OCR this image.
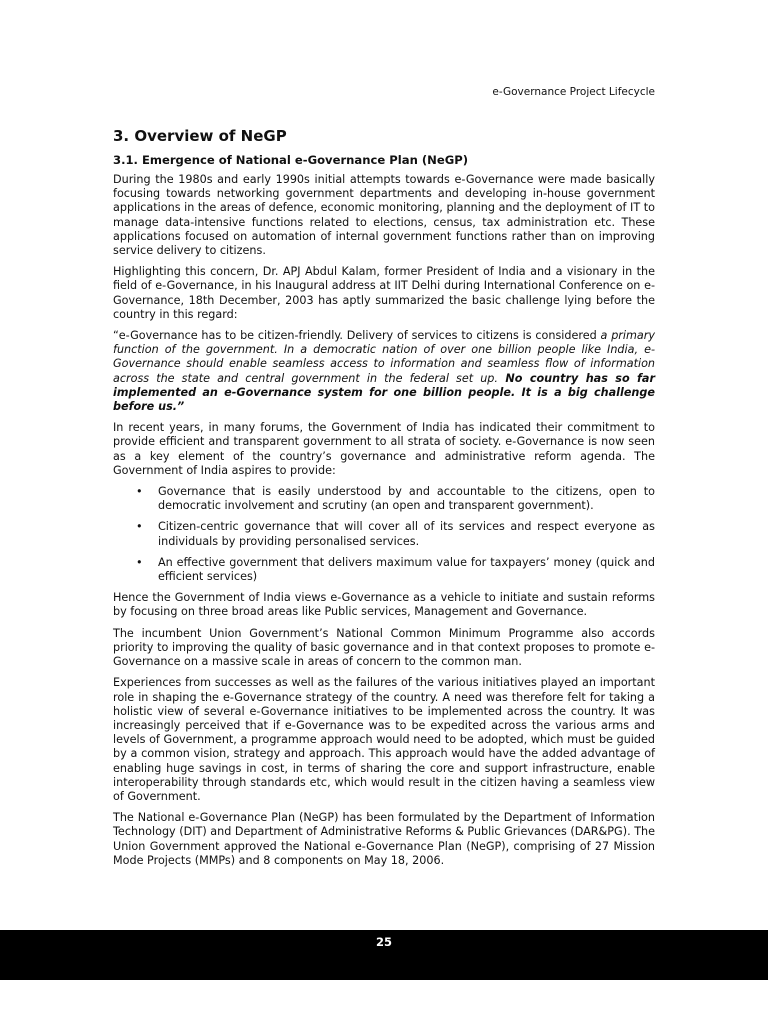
e-Governance Project Lifecycle
3. Overview of NeGP
3.1. Emergence of National e-Governance Plan (NeGP)

During the 1980s and early 1990s initial attempts towards e-Governance were made basically focusing towards networking government departments and developing in-house government applications in the areas of defence, economic monitoring, planning and the deployment of IT to manage data-intensive functions related to elections, census, tax administration etc. These applications focused on automation of internal government functions rather than on improving service delivery to citizens.

Highlighting this concern, Dr. APJ Abdul Kalam, former President of India and a visionary in the field of e-Governance, in his Inaugural address at IIT Delhi during International Conference on e-Governance, 18th December, 2003 has aptly summarized the basic challenge lying before the country in this regard:

“e-Governance has to be citizen-friendly. Delivery of services to citizens is considered a primary function of the government. In a democratic nation of over one billion people like India, e-Governance should enable seamless access to information and seamless flow of information across the state and central government in the federal set up. No country has so far implemented an e-Governance system for one billion people. It is a big challenge before us.”

In recent years, in many forums, the Government of India has indicated their commitment to provide efficient and transparent government to all strata of society. e-Governance is now seen as a key element of the country’s governance and administrative reform agenda. The Government of India aspires to provide:

• Governance that is easily understood by and accountable to the citizens, open to democratic involvement and scrutiny (an open and transparent government).
• Citizen-centric governance that will cover all of its services and respect everyone as individuals by providing personalised services.
• An effective government that delivers maximum value for taxpayers’ money (quick and efficient services)

Hence the Government of India views e-Governance as a vehicle to initiate and sustain reforms by focusing on three broad areas like Public services, Management and Governance.

The incumbent Union Government’s National Common Minimum Programme also accords priority to improving the quality of basic governance and in that context proposes to promote e-Governance on a massive scale in areas of concern to the common man.

Experiences from successes as well as the failures of the various initiatives played an important role in shaping the e-Governance strategy of the country. A need was therefore felt for taking a holistic view of several e-Governance initiatives to be implemented across the country. It was increasingly perceived that if e-Governance was to be expedited across the various arms and levels of Government, a programme approach would need to be adopted, which must be guided by a common vision, strategy and approach. This approach would have the added advantage of enabling huge savings in cost, in terms of sharing the core and support infrastructure, enable interoperability through standards etc, which would result in the citizen having a seamless view of Government.

The National e-Governance Plan (NeGP) has been formulated by the Department of Information Technology (DIT) and Department of Administrative Reforms & Public Grievances (DAR&PG). The Union Government approved the National e-Governance Plan (NeGP), comprising of 27 Mission Mode Projects (MMPs) and 8 components on May 18, 2006.

25
